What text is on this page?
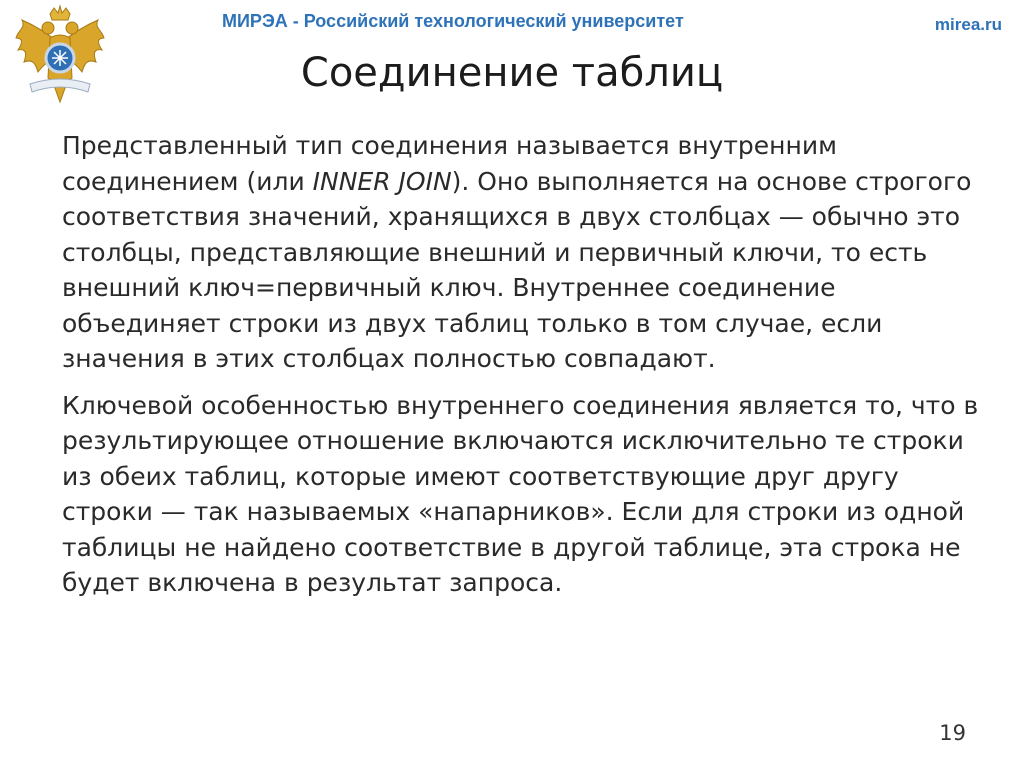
МИРЭА - Российский технологический университет	mirea.ru
Соединение таблиц

Представленный тип соединения называется внутренним соединением (или INNER JOIN). Оно выполняется на основе строгого соответствия значений, хранящихся в двух столбцах — обычно это столбцы, представляющие внешний и первичный ключи, то есть внешний ключ=первичный ключ. Внутреннее соединение объединяет строки из двух таблиц только в том случае, если значения в этих столбцах полностью совпадают.

Ключевой особенностью внутреннего соединения является то, что в результирующее отношение включаются исключительно те строки из обеих таблиц, которые имеют соответствующие друг другу строки — так называемых «напарников». Если для строки из одной таблицы не найдено соответствие в другой таблице, эта строка не будет включена в результат запроса.

19
